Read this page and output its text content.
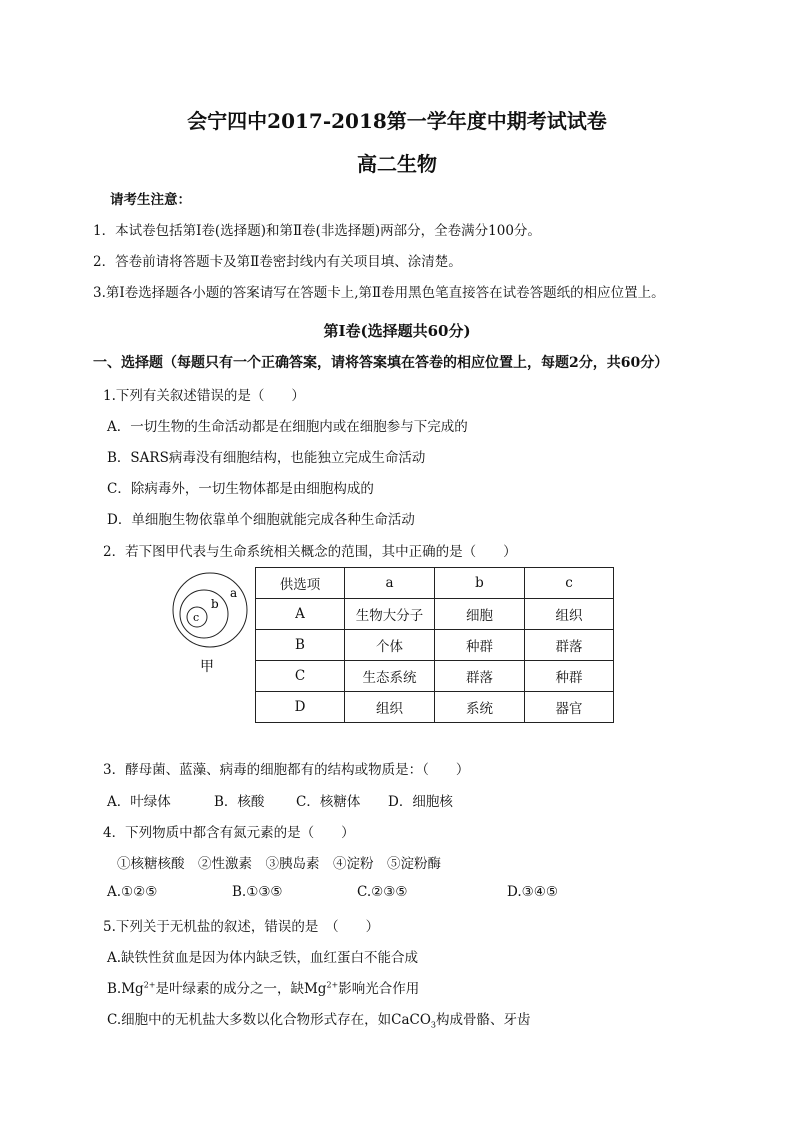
会宁四中2017-2018第一学年度中期考试试卷
高二生物
请考生注意：
1．本试卷包括第Ⅰ卷(选择题)和第Ⅱ卷(非选择题)两部分，全卷满分100分。
2．答卷前请将答题卡及第Ⅱ卷密封线内有关项目填、涂清楚。
3.第Ⅰ卷选择题各小题的答案请写在答题卡上,第Ⅱ卷用黑色笔直接答在试卷答题纸的相应位置上。
第Ⅰ卷(选择题共60分)
一、选择题（每题只有一个正确答案，请将答案填在答卷的相应位置上，每题2分，共60分）
1.下列有关叙述错误的是（　　）
A．一切生物的生命活动都是在细胞内或在细胞参与下完成的
B．SARS病毒没有细胞结构，也能独立完成生命活动
C．除病毒外，一切生物体都是由细胞构成的
D．单细胞生物依靠单个细胞就能完成各种生命活动
2．若下图甲代表与生命系统相关概念的范围，其中正确的是（　　）
a
b
c
甲
供选项	a	b	c
A	生物大分子	细胞	组织
B	个体	种群	群落
C	生态系统	群落	种群
D	组织	系统	器官
3．酵母菌、蓝藻、病毒的细胞都有的结构或物质是：（　　）
A．叶绿体	B．核酸 C．核糖体 D．细胞核
4．下列物质中都含有氮元素的是（　　）
①核糖核酸　②性激素　③胰岛素　④淀粉　⑤淀粉酶
A.①②⑤	B.①③⑤	C.②③⑤	D.③④⑤
5.下列关于无机盐的叙述，错误的是　（　　）
A.缺铁性贫血是因为体内缺乏铁，血红蛋白不能合成
$B.Mg^{2+}$是叶绿素的成分之一，缺$Mg^{2+}$影响光合作用
C.细胞中的无机盐大多数以化合物形式存在，如CaCO$_3$构成骨骼、牙齿
